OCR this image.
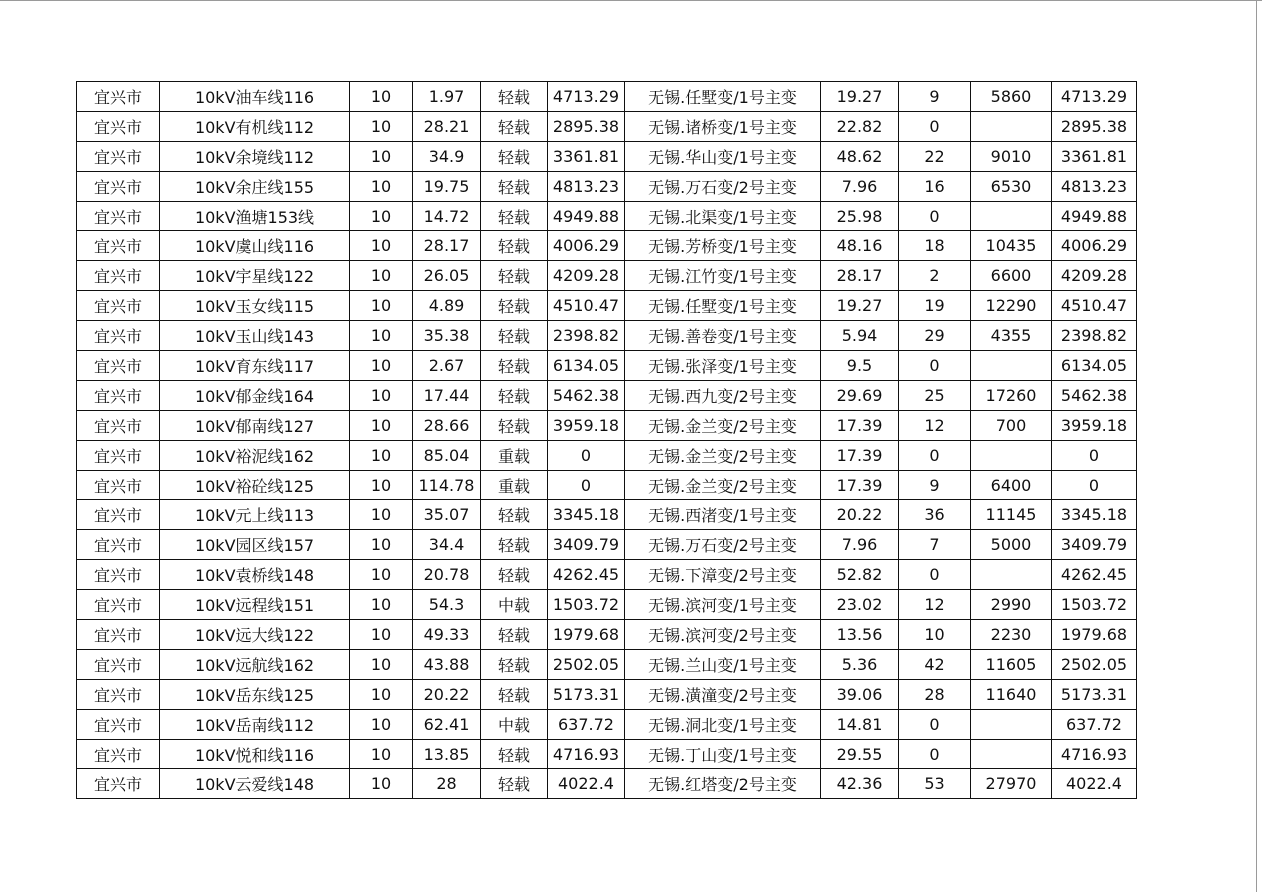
宜兴市	10kV油车线116	10	1.97	轻载	4713.29	无锡.任墅变/1号主变	19.27	9	5860	4713.29
宜兴市	10kV有机线112	10	28.21	轻载	2895.38	无锡.诸桥变/1号主变	22.82	0		2895.38
宜兴市	10kV余境线112	10	34.9	轻载	3361.81	无锡.华山变/1号主变	48.62	22	9010	3361.81
宜兴市	10kV余庄线155	10	19.75	轻载	4813.23	无锡.万石变/2号主变	7.96	16	6530	4813.23
宜兴市	10kV渔塘153线	10	14.72	轻载	4949.88	无锡.北渠变/1号主变	25.98	0		4949.88
宜兴市	10kV虞山线116	10	28.17	轻载	4006.29	无锡.芳桥变/1号主变	48.16	18	10435	4006.29
宜兴市	10kV宇星线122	10	26.05	轻载	4209.28	无锡.江竹变/1号主变	28.17	2	6600	4209.28
宜兴市	10kV玉女线115	10	4.89	轻载	4510.47	无锡.任墅变/1号主变	19.27	19	12290	4510.47
宜兴市	10kV玉山线143	10	35.38	轻载	2398.82	无锡.善卷变/1号主变	5.94	29	4355	2398.82
宜兴市	10kV育东线117	10	2.67	轻载	6134.05	无锡.张泽变/1号主变	9.5	0		6134.05
宜兴市	10kV郁金线164	10	17.44	轻载	5462.38	无锡.西九变/2号主变	29.69	25	17260	5462.38
宜兴市	10kV郁南线127	10	28.66	轻载	3959.18	无锡.金兰变/2号主变	17.39	12	700	3959.18
宜兴市	10kV裕泥线162	10	85.04	重载	0	无锡.金兰变/2号主变	17.39	0		0
宜兴市	10kV裕砼线125	10	114.78	重载	0	无锡.金兰变/2号主变	17.39	9	6400	0
宜兴市	10kV元上线113	10	35.07	轻载	3345.18	无锡.西渚变/1号主变	20.22	36	11145	3345.18
宜兴市	10kV园区线157	10	34.4	轻载	3409.79	无锡.万石变/2号主变	7.96	7	5000	3409.79
宜兴市	10kV袁桥线148	10	20.78	轻载	4262.45	无锡.下漳变/2号主变	52.82	0		4262.45
宜兴市	10kV远程线151	10	54.3	中载	1503.72	无锡.滨河变/1号主变	23.02	12	2990	1503.72
宜兴市	10kV远大线122	10	49.33	轻载	1979.68	无锡.滨河变/2号主变	13.56	10	2230	1979.68
宜兴市	10kV远航线162	10	43.88	轻载	2502.05	无锡.兰山变/1号主变	5.36	42	11605	2502.05
宜兴市	10kV岳东线125	10	20.22	轻载	5173.31	无锡.潢潼变/2号主变	39.06	28	11640	5173.31
宜兴市	10kV岳南线112	10	62.41	中载	637.72	无锡.洞北变/1号主变	14.81	0		637.72
宜兴市	10kV悦和线116	10	13.85	轻载	4716.93	无锡.丁山变/1号主变	29.55	0		4716.93
宜兴市	10kV云爱线148	10	28	轻载	4022.4	无锡.红塔变/2号主变	42.36	53	27970	4022.4
